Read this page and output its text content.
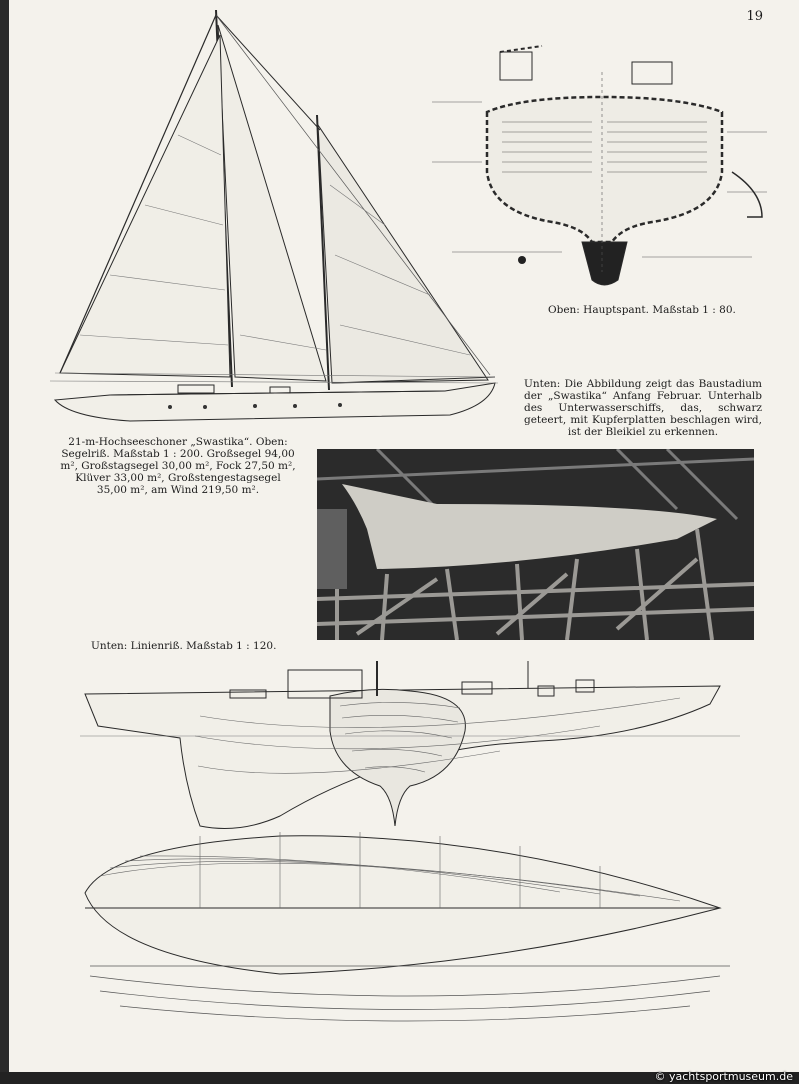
19
21-m-Hochseeschoner „Swastika“. Oben: Segelriß. Maßstab 1 : 200. Großsegel 94,00 m², Großstagsegel 30,00 m², Fock 27,50 m², Klüver 33,00 m², Großstengestagsegel 35,00 m², am Wind 219,50 m².
Oben: Hauptspant. Maßstab 1 : 80.
Unten: Die Abbildung zeigt das Baustadium der „Swastika“ Anfang Februar. Unterhalb des Unterwasserschiffs, das, schwarz geteert, mit Kupferplatten beschlagen wird, ist der Bleikiel zu erkennen.
Unten: Linienriß. Maßstab 1 : 120.
© yachtsportmuseum.de
